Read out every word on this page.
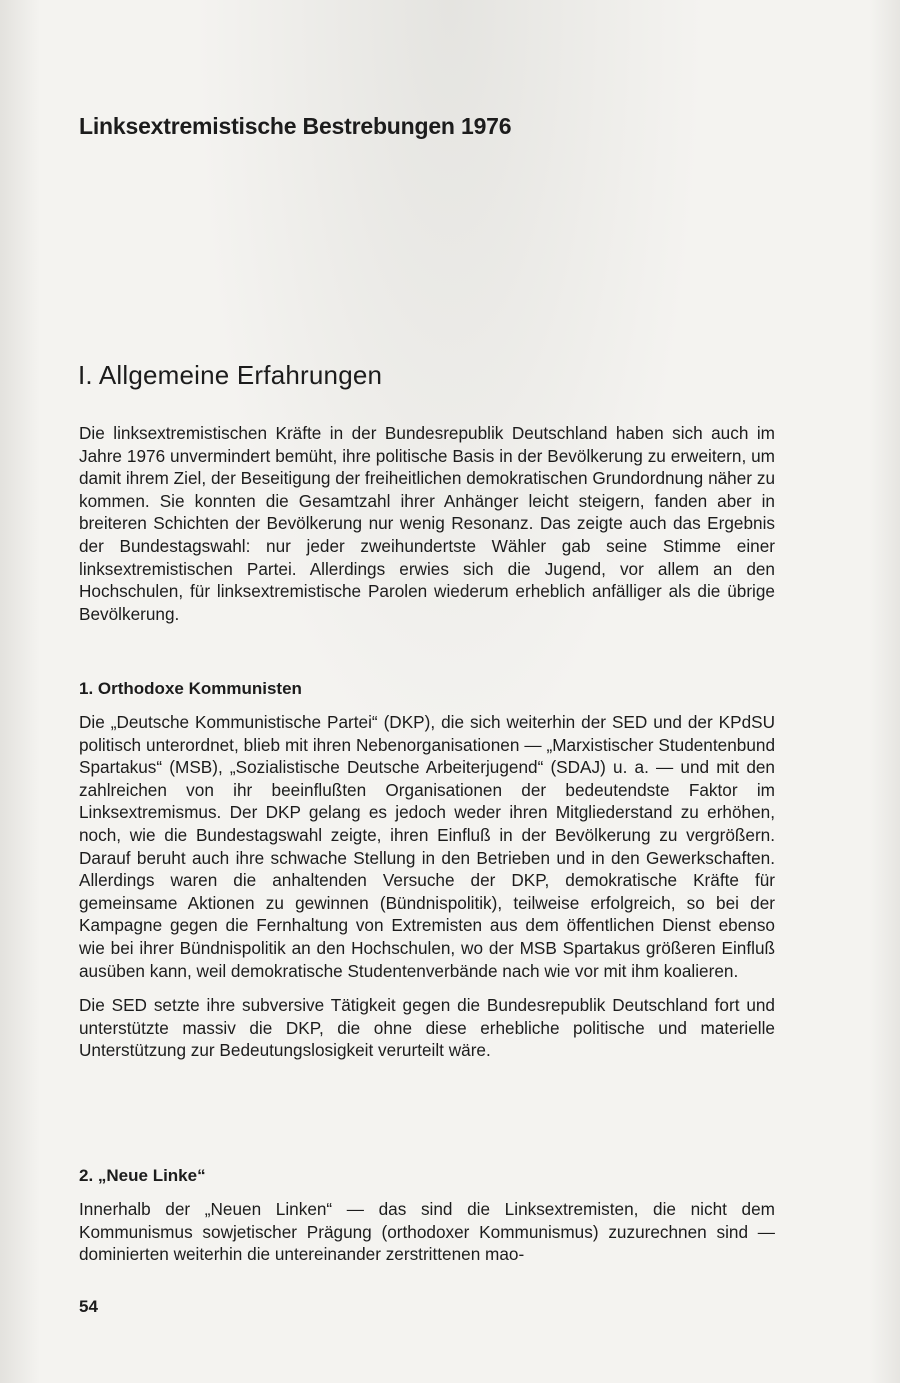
Linksextremistische Bestrebungen 1976
I. Allgemeine Erfahrungen

Die linksextremistischen Kräfte in der Bundesrepublik Deutschland haben sich auch im Jahre 1976 unvermindert bemüht, ihre politische Basis in der Bevölkerung zu erweitern, um damit ihrem Ziel, der Beseitigung der freiheitlichen demokratischen Grundordnung näher zu kommen. Sie konnten die Gesamtzahl ihrer Anhänger leicht steigern, fanden aber in breiteren Schichten der Bevölkerung nur wenig Resonanz. Das zeigte auch das Ergebnis der Bundestagswahl: nur jeder zweihundertste Wähler gab seine Stimme einer linksextremistischen Partei. Allerdings erwies sich die Jugend, vor allem an den Hochschulen, für linksextremistische Parolen wiederum erheblich anfälliger als die übrige Bevölkerung.

1. Orthodoxe Kommunisten

Die „Deutsche Kommunistische Partei“ (DKP), die sich weiterhin der SED und der KPdSU politisch unterordnet, blieb mit ihren Nebenorganisationen — „Marxistischer Studentenbund Spartakus“ (MSB), „Sozialistische Deutsche Arbeiterjugend“ (SDAJ) u. a. — und mit den zahlreichen von ihr beeinflußten Organisationen der bedeutendste Faktor im Linksextremismus. Der DKP gelang es jedoch weder ihren Mitgliederstand zu erhöhen, noch, wie die Bundestagswahl zeigte, ihren Einfluß in der Bevölkerung zu vergrößern. Darauf beruht auch ihre schwache Stellung in den Betrieben und in den Gewerkschaften. Allerdings waren die anhaltenden Versuche der DKP, demokratische Kräfte für gemeinsame Aktionen zu gewinnen (Bündnispolitik), teilweise erfolgreich, so bei der Kampagne gegen die Fernhaltung von Extremisten aus dem öffentlichen Dienst ebenso wie bei ihrer Bündnispolitik an den Hochschulen, wo der MSB Spartakus größeren Einfluß ausüben kann, weil demokratische Studentenverbände nach wie vor mit ihm koalieren.

Die SED setzte ihre subversive Tätigkeit gegen die Bundesrepublik Deutschland fort und unterstützte massiv die DKP, die ohne diese erhebliche politische und materielle Unterstützung zur Bedeutungslosigkeit verurteilt wäre.

2. „Neue Linke“

Innerhalb der „Neuen Linken“ — das sind die Linksextremisten, die nicht dem Kommunismus sowjetischer Prägung (orthodoxer Kommunismus) zuzurechnen sind — dominierten weiterhin die untereinander zerstrittenen mao-

54
